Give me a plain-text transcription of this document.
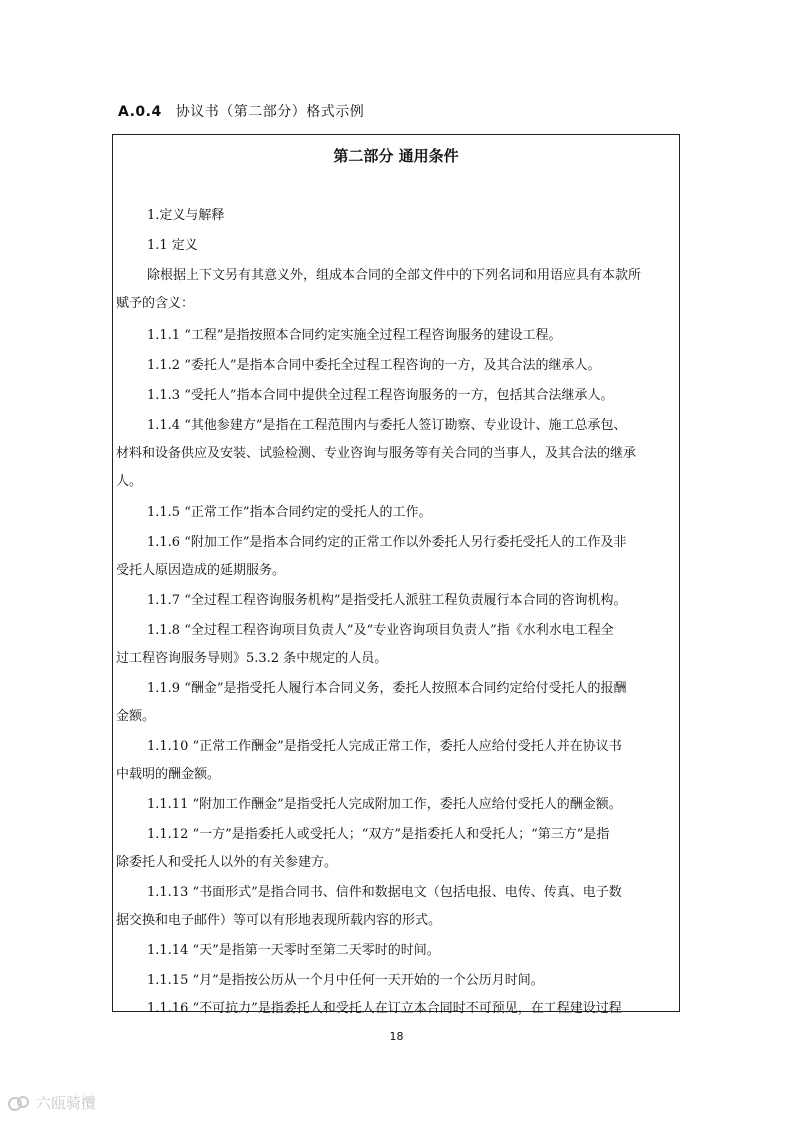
A.0.4 协议书（第二部分）格式示例
第二部分 通用条件
1.定义与解释
1.1 定义
除根据上下文另有其意义外，组成本合同的全部文件中的下列名词和用语应具有本款所
赋予的含义：
1.1.1 “工程”是指按照本合同约定实施全过程工程咨询服务的建设工程。
1.1.2 “委托人”是指本合同中委托全过程工程咨询的一方，及其合法的继承人。
1.1.3 “受托人”指本合同中提供全过程工程咨询服务的一方，包括其合法继承人。
1.1.4 “其他参建方”是指在工程范围内与委托人签订勘察、专业设计、施工总承包、
材料和设备供应及安装、试验检测、专业咨询与服务等有关合同的当事人，及其合法的继承
人。
1.1.5 “正常工作”指本合同约定的受托人的工作。
1.1.6 “附加工作”是指本合同约定的正常工作以外委托人另行委托受托人的工作及非
受托人原因造成的延期服务。
1.1.7 “全过程工程咨询服务机构”是指受托人派驻工程负责履行本合同的咨询机构。
1.1.8 “全过程工程咨询项目负责人”及“专业咨询项目负责人”指《水利水电工程全
过工程咨询服务导则》5.3.2 条中规定的人员。
1.1.9 “酬金”是指受托人履行本合同义务，委托人按照本合同约定给付受托人的报酬
金额。
1.1.10 “正常工作酬金”是指受托人完成正常工作，委托人应给付受托人并在协议书
中载明的酬金额。
1.1.11 “附加工作酬金”是指受托人完成附加工作，委托人应给付受托人的酬金额。
1.1.12 “一方”是指委托人或受托人；“双方”是指委托人和受托人；“第三方”是指
除委托人和受托人以外的有关参建方。
1.1.13 “书面形式”是指合同书、信件和数据电文（包括电报、电传、传真、电子数
据交换和电子邮件）等可以有形地表现所载内容的形式。
1.1.14 “天”是指第一天零时至第二天零时的时间。
1.1.15 “月”是指按公历从一个月中任何一天开始的一个公历月时间。
1.1.16 “不可抗力”是指委托人和受托人在订立本合同时不可预见，在工程建设过程
18
六瓯骑攬
